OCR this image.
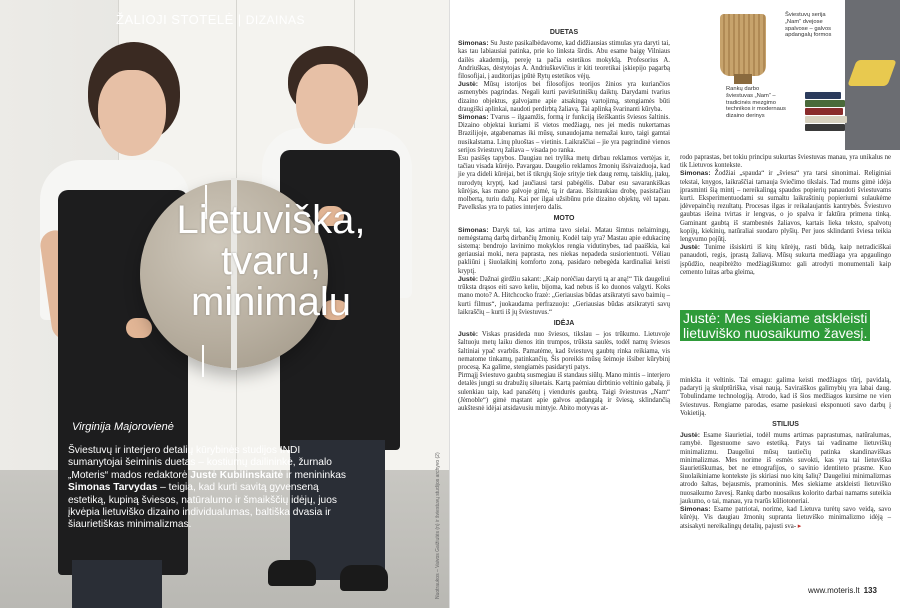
ŽALIOJI STOTELĖ | DIZAINAS
Lietuviška,
tvaru,
minimalu
Virginija Majorovienė
Šviestuvų ir interjero detalių kūrybinės studijos INDI sumanytojai šeiminis duetas – kostiumų dailininkė, žurnalo „Moteris“ mados redaktorė Justė Kubilinskaitė ir menininkas Simonas Tarvydas – teigia, kad kurti savitą gyvenseną estetiką, kupiną šviesos, natūralumo ir šmaikščių idėjų, juos įkvėpia lietuviško dizaino individualumas, baltiška dvasia ir šiaurietiškas minimalizmas.	Nuotraukos – Vaivos Gaižiutės (n) ir šviestuvų studijos archyvo (2)
Rankų darbo šviestuvas „Nam“ – tradicinės mezgimo technikos ir modernaus dizaino derinys
Šviestuvų serija „Nam“ dvejose spalvose – galvos apdangalų formos
DUETAS

Simonas: Su Juste pasikalbėdavome, kad didžiausias stimulas yra daryti tai, kas tau labiausiai patinka, prie ko linksta širdis. Abu esame baigę Vilniaus dailės akademiją, pereję ta pačia estetikos mokyklą. Profesorius A. Andriuškas, dėstytojas A. Andriuškevičius ir kiti teoretikai įskiepijo pagarbą filosofijai, į auditorijas įpūtė Rytų estetikos vėjų.

Justė: Mūsų istorijos bei filosofijos teorijos žinios yra kuriančios asmenybės pagrindas. Negali kurti paviršutiniškų daiktų. Darydami tvarius dizaino objektus, galvojame apie atsakingą vartojimą, stengiamės būti draugiški aplinkai, naudoti perdirbtą žaliavą. Tai aplinką švarinanti kūryba.

Simonas: Tvarus – ilgaamžis, formą ir funkciją išeiškantis šviesos šaltinis. Dizaino objektai kuriami iš vietos medžiagų, nes jei medis nukertamas Brazilijoje, atgabenamas iki mūsų, sunaudojama nemažai kuro, taigi gamtai nusikalstama. Linų pluoštas – vietinis. Laikraščiai – jie yra pagrindinė vienos serijos šviestuvų žaliava – visada po ranka.

Esu pasišęs tapybos. Daugiau nei trylika metų dirbau reklamos vertėjas ir, tačiau visada kūrėjo. Pavargau. Daugelio reklamos žmonių išsivaizduoja, kad jie yra dideli kūrėjai, bet iš tikrųjų šioje srityje tiek daug remų, taisklių, įtakų, nurodytų kryptį, kad jaučiausi tarsi pabėgėlis. Dabar esu savarankiškas kūrėjas, kas mano galvoje gimė, tą ir darau. Išsitraukiau drobę, pasistačiau molbertą, turiu dažų. Kai per ilgai užsibūnu prie dizaino objektų, vėl tapau. Pavelkslas yra to paties interjero dalis.

MOTO

Simonas: Daryk tai, kas artima tavo sielai. Matau šimtus nelaimingų, nemėgstamą darbą dirbančių žmonių. Kodėl taip yra? Mastau apie edukacinę sistemą: bendrojo lavinimo mokyklos rengia vidutinybes, tad paaiškia, kai geriausiai moki, nera paprasta, nes niekas nepadeda susiorientuoti. Vėliau pakliūni į šiuolaikinį komforto zoną, pasidaro nebegėda kardinaliai keisti kryptį.

Justė: Dažnai girdžiu sakant: „Kaip norėčiau daryti tą ar aną!“ Tik daugeliui trūksta drąsos eiti savo keliu, bijoma, kad nebus iš ko duonos valgyti. Koks mano moto? A. Hitchcocko frazė: „Geriausias būdas atsikratyti savo baimių – kurti filmus“, juokaudama perfrazuoju: „Geriausias būdas atsikratyti savų laikraščių – kurti iš jų šviestuvus.“

IDĖJA

Justė: Viskas prasideda nuo šviesos, tikslau – jos trūkumo. Lietuvoje šaltuoju metų laiku dienos itin trumpos, trūksta saulės, todėl namų šviesos šaltiniai ypač svarbūs. Pamatėme, kad šviestuvų gaubtų rinka reikiama, vis nematome tinkamų, patinkančių. Šis poreikis mūsų šeimoje išsiber kūrybinį procesą. Ka galime, stengiamės pasidaryti patys.

Pirmąjį šviestuvo gaubtą susmegiau iš standaus siūlų. Mano mintis – interjero detalės jungti su drabužių siluetais. Kartą paėmiau dirbtinio veltinio gabalą, ji sulenkiau taip, kad panašėtų į viendurės gaubtą. Taigi šviestuvas „Nam“ (Jėmoble“) gimė mąstant apie galvos apdangalą ir šviesą, sklindančią aukštesnė idėjai atsidavusiu mintyje. Abito motyvas at-

rodo paprastas, bet tokiu principu sukurtas šviestuvas manau, yra unikalus ne tik Lietuvos kontekste.

Simonas: Žodžiai „spauda“ ir „šviesa“ yra tarsi sinonimai. Religiniai tekstai, knygos, laikraščiai tarnauja šviečimo tikslais. Tad mums gimė idėja įprasminti šią mintį – nereikalingą spaudos popierių panaudoti šviestuvams kurti. Eksperimentuodami su sumaltu laikraštinių popieriumi sulaukėme įdėvepainčių rezultatų. Procesas ilgas ir reikalaujantis kantrybės. Šviestuvo gaubtas išeina tvirtas ir lengvas, o jo spalva ir faktūra primena tinką. Gaminant gaubtą iš stambesnės žaliavos, kartais lieka teksto, spalvotų kopijų, kiekinių, natūraliai suodaro plyšių. Per juos sklindanti šviesa teikia lengvumo pojūtį.

Justė: Tunime išsiskirti iš kitų kūrėjų, rasti būdą, kaip netradiciškai panaudoti, regis, įprastą žaliavą. Mūsų sukurta medžiaga yra apgaulingo įspūdžio, neapibrėžto medžiagiškumo: gali atrodyti monumentali kaip cemento luitas arba gleima,

Justė: Mes siekiame atskleisti lietuviško nuosaikumo žavesį.

minkšta it veltinis. Tai emagu: galima keisti medžiagos tūrį, pavidalą, padaryti ją skulptūriška, visai naują. Saviraiškos galimybių yra labai daug. Tobulindame technologiją. Atrodo, kad iš šios medžiagos kursime ne vien šviestuvus. Rengiame parodas, esame pasiekusi eksponuoti savo darbų į Vokietiją.

STILIUS

Justė: Esame šiaurietiai, todėl mums artimas paprastumas, natūralumas, ramybė. Ilgesnuome savo estetiką. Patys tai vadiname lietuviškų minimalizmu. Daugeliui mūsų tautiečių patinka skandinaviškas minimalizmas. Mes norime iš esmės suvokti, kas yra tai lietuviška šiaurietiškumas, bet ne etnografijos, o savinio identiteto prasme. Kuo šiuolaikiniame kontekste jis skiriasi nuo kitų šalių? Daugeliui minimalizmas atrodo šaltas, bejausmis, pramoninis. Mes siekiame atskleisti lietuviško nuosaikumo žavesį. Rankų darbo nuosaikus koloritо darbai namams suteikia jaukumo, o tai, manau, yra tvarūs kūliotoneriai.

Simonas: Esame patriotai, norime, kad Lietuva turėtų savo veidą, savo kūrėjų. Vis daugiau žmonių supranta lietuviško minimalizmo idėją – atsisakyti nereikalingų detalių, pajusti sva- ▸

www.moteris.lt 133
